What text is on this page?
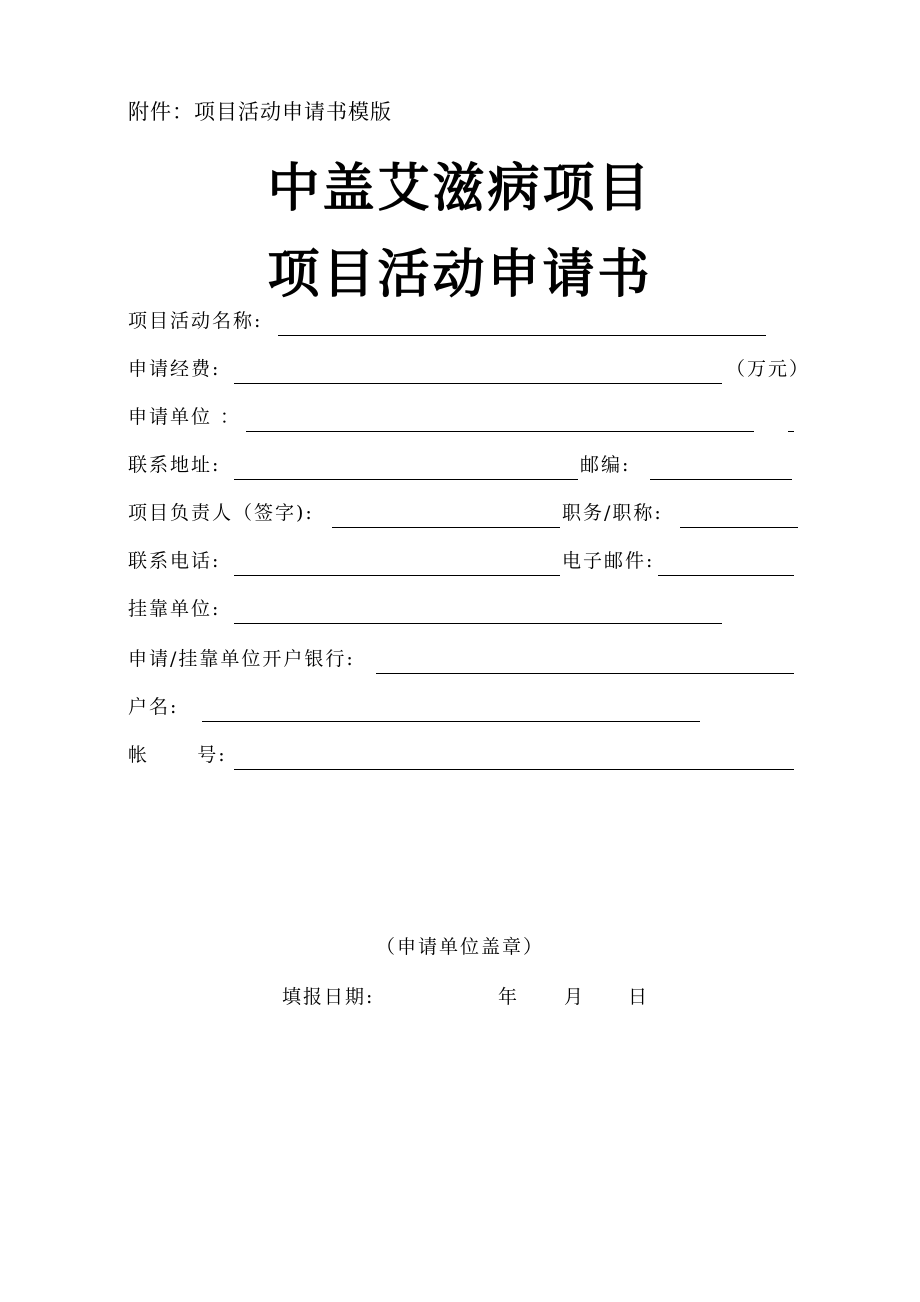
附件：项目活动申请书模版
中盖艾滋病项目
项目活动申请书
项目活动名称:
申请经费:	（万元）
申请单位 ：
联系地址:	邮编:
项目负责人（签字):	职务/职称:
联系电话:	电子邮件:
挂靠单位:
申请/挂靠单位开户银行:
户名:
帐      号:
（申请单位盖章）
填报日期:	年 月 日
